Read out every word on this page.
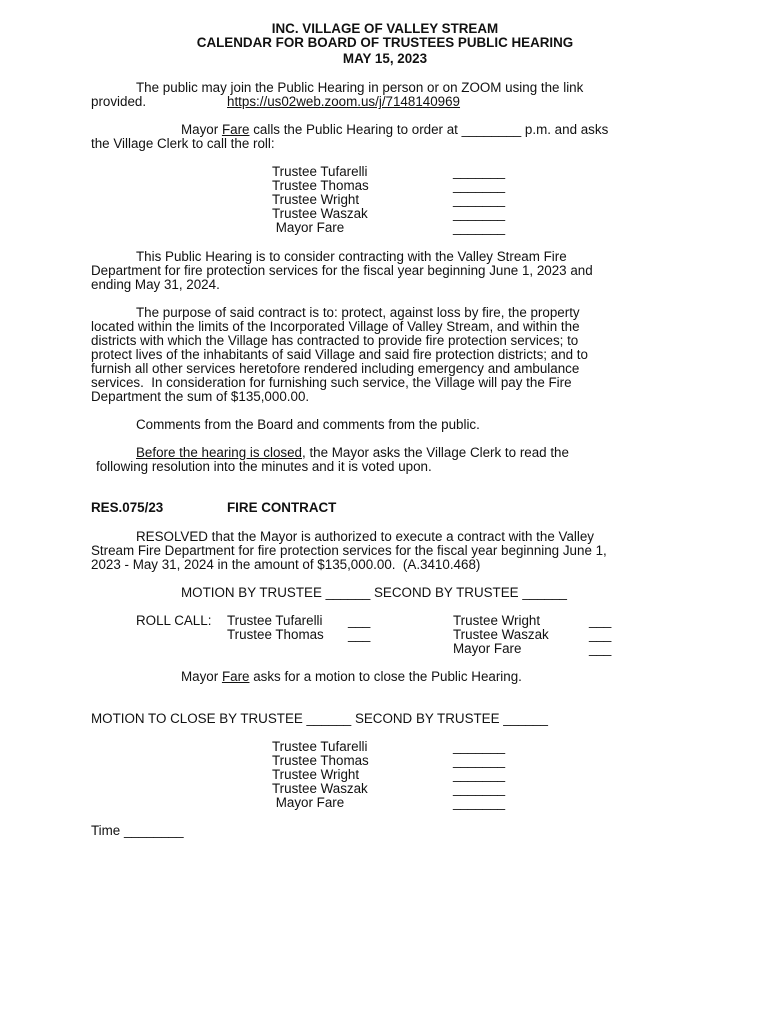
INC. VILLAGE OF VALLEY STREAM
CALENDAR FOR BOARD OF TRUSTEES PUBLIC HEARING
MAY 15, 2023
The public may join the Public Hearing in person or on ZOOM using the link
provided.	https://us02web.zoom.us/j/7148140969
Mayor Fare calls the Public Hearing to order at ________ p.m. and asks
the Village Clerk to call the roll:
Trustee Tufarelli
Trustee Thomas
Trustee Wright
Trustee Waszak
Mayor Fare
_______
_______
_______
_______
_______
This Public Hearing is to consider contracting with the Valley Stream Fire
Department for fire protection services for the fiscal year beginning June 1, 2023 and
ending May 31, 2024.
The purpose of said contract is to: protect, against loss by fire, the property
located within the limits of the Incorporated Village of Valley Stream, and within the
districts with which the Village has contracted to provide fire protection services; to
protect lives of the inhabitants of said Village and said fire protection districts; and to
furnish all other services heretofore rendered including emergency and ambulance
services.  In consideration for furnishing such service, the Village will pay the Fire
Department the sum of $135,000.00.
Comments from the Board and comments from the public.
Before the hearing is closed, the Mayor asks the Village Clerk to read the
following resolution into the minutes and it is voted upon.
RES.075/23	FIRE CONTRACT
RESOLVED that the Mayor is authorized to execute a contract with the Valley
Stream Fire Department for fire protection services for the fiscal year beginning June 1,
2023 - May 31, 2024 in the amount of $135,000.00.  (A.3410.468)
MOTION BY TRUSTEE ______ SECOND BY TRUSTEE ______
ROLL CALL: Trustee Tufarelli
Trustee Thomas
___
___
Trustee Wright
Trustee Waszak
Mayor Fare
___
___
___
Mayor Fare asks for a motion to close the Public Hearing.
MOTION TO CLOSE BY TRUSTEE ______ SECOND BY TRUSTEE ______
Trustee Tufarelli
Trustee Thomas
Trustee Wright
Trustee Waszak
Mayor Fare
_______
_______
_______
_______
_______
Time ________
